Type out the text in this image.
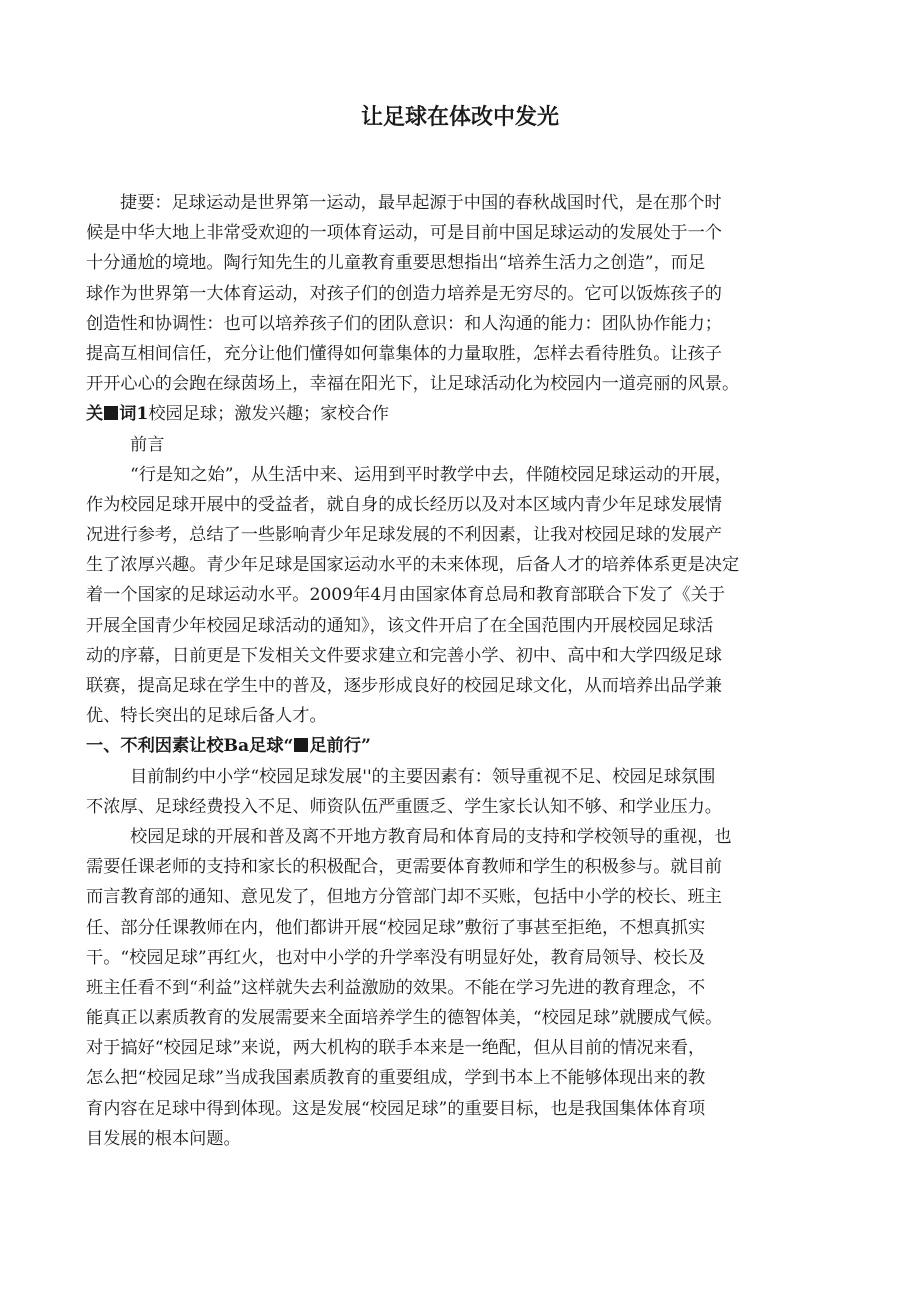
让足球在体改中发光
捷要：足球运动是世界第一运动，最早起源于中国的春秋战国时代，是在那个时
候是中华大地上非常受欢迎的一项体育运动，可是目前中国足球运动的发展处于一个
十分通尬的境地。陶行知先生的儿童教育重要思想指出“培养生活力之创造”，而足
球作为世界第一大体育运动，对孩子们的创造力培养是无穷尽的。它可以饭炼孩子的
创造性和协调性：也可以培养孩子们的团队意识：和人沟通的能力：团队协作能力；
提高互相间信任，充分让他们懂得如何靠集体的力量取胜，怎样去看待胜负。让孩子
开开心心的会跑在绿茵场上，幸福在阳光下，让足球活动化为校园内一道亮丽的风景。
关 词1校园足球；激发兴趣；家校合作
前言
“行是知之始”，从生活中来、运用到平时教学中去，伴随校园足球运动的开展，
作为校园足球开展中的受益者，就自身的成长经历以及对本区域内青少年足球发展情
况进行参考，总结了一些影响青少年足球发展的不利因素，让我对校园足球的发展产
生了浓厚兴趣。青少年足球是国家运动水平的未来体现，后备人才的培养体系更是决定
着一个国家的足球运动水平。2009年4月由国家体育总局和教育部联合下发了《关于
开展全国青少年校园足球活动的通知》，该文件开启了在全国范围内开展校园足球活
动的序幕，日前更是下发相关文件要求建立和完善小学、初中、高中和大学四级足球
联赛，提高足球在学生中的普及，逐步形成良好的校园足球文化，从而培养出品学兼
优、特长突出的足球后备人才。
一、不利因素让校Ba足球“ 足前行”
目前制约中小学“校园足球发展''的主要因素有：领导重视不足、校园足球氛围
不浓厚、足球经费投入不足、师资队伍严重匮乏、学生家长认知不够、和学业压力。
校园足球的开展和普及离不开地方教育局和体育局的支持和学校领导的重视，也
需要任课老师的支持和家长的积极配合，更需要体育教师和学生的积极参与。就目前
而言教育部的通知、意见发了，但地方分管部门却不买账，包括中小学的校长、班主
任、部分任课教师在内，他们都讲开展“校园足球”敷衍了事甚至拒绝，不想真抓实
干。“校园足球”再红火，也对中小学的升学率没有明显好处，教育局领导、校长及
班主任看不到“利益”这样就失去利益激励的效果。不能在学习先进的教育理念，不
能真正以素质教育的发展需要来全面培养学生的德智体美，“校园足球”就腰成气候。
对于搞好“校园足球”来说，两大机构的联手本来是一绝配，但从目前的情况来看，
怎么把“校园足球”当成我国素质教育的重要组成，学到书本上不能够体现出来的教
育内容在足球中得到体现。这是发展“校园足球”的重要目标，也是我国集体体育项
目发展的根本问题。
